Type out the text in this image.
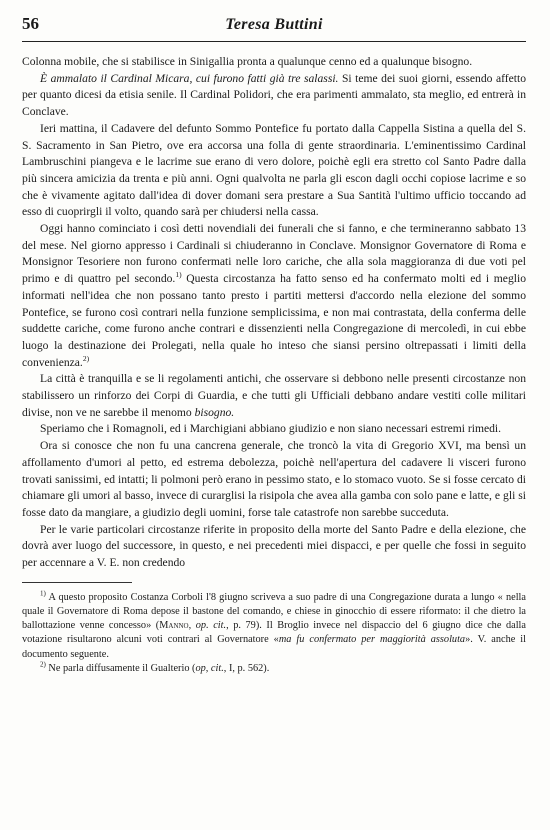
56	Teresa Buttini

Colonna mobile, che si stabilisce in Sinigallia pronta a qualunque cenno ed a qualunque bisogno.

È ammalato il Cardinal Micara, cui furono fatti già tre salassi. Si teme dei suoi giorni, essendo affetto per quanto dicesi da etisia senile. Il Cardinal Polidori, che era parimenti ammalato, sta meglio, ed entrerà in Conclave.

Ieri mattina, il Cadavere del defunto Sommo Pontefice fu portato dalla Cappella Sistina a quella del S. S. Sacramento in San Pietro, ove era accorsa una folla di gente straordinaria. L'eminentissimo Cardinal Lambruschini piangeva e le lacrime sue erano di vero dolore, poichè egli era stretto col Santo Padre dalla più sincera amicizia da trenta e più anni. Ogni qualvolta ne parla gli escon dagli occhi copiose lacrime e so che è vivamente agitato dall'idea di dover domani sera prestare a Sua Santità l'ultimo ufficio toccando ad esso di cuoprirgli il volto, quando sarà per chiudersi nella cassa.

Oggi hanno cominciato i così detti novendiali dei funerali che si fanno, e che termineranno sabbato 13 del mese. Nel giorno appresso i Cardinali si chiuderanno in Conclave. Monsignor Governatore di Roma e Monsignor Tesoriere non furono confermati nelle loro cariche, che alla sola maggioranza di due voti pel primo e di quattro pel secondo.$^{1)}$ Questa circostanza ha fatto senso ed ha confermato molti ed i meglio informati nell'idea che non possano tanto presto i partiti mettersi d'accordo nella elezione del sommo Pontefice, se furono così contrari nella funzione semplicissima, e non mai contrastata, della conferma delle suddette cariche, come furono anche contrari e dissenzienti nella Congregazione di mercoledì, in cui ebbe luogo la destinazione dei Prolegati, nella quale ho inteso che siansi persino oltrepassati i limiti della convenienza.$^{2)}$

La città è tranquilla e se li regolamenti antichi, che osservare si debbono nelle presenti circostanze non stabilissero un rinforzo dei Corpi di Guardia, e che tutti gli Ufficiali debbano andare vestiti colle militari divise, non ve ne sarebbe il menomo bisogno.

Speriamo che i Romagnoli, ed i Marchigiani abbiano giudizio e non siano necessari estremi rimedi.

Ora si conosce che non fu una cancrena generale, che troncò la vita di Gregorio XVI, ma bensì un affollamento d'umori al petto, ed estrema debolezza, poichè nell'apertura del cadavere li visceri furono trovati sanissimi, ed intatti; li polmoni però erano in pessimo stato, e lo stomaco vuoto. Se si fosse cercato di chiamare gli umori al basso, invece di curarglisi la risipola che avea alla gamba con solo pane e latte, e gli si fosse dato da mangiare, a giudizio degli uomini, forse tale catastrofe non sarebbe succeduta.

Per le varie particolari circostanze riferite in proposito della morte del Santo Padre e della elezione, che dovrà aver luogo del successore, in questo, e nei precedenti miei dispacci, e per quelle che fossi in seguito per accennare a V. E. non credendo

$^{1)}$ A questo proposito Costanza Corboli l'8 giugno scriveva a suo padre di una Congregazione durata a lungo « nella quale il Governatore di Roma depose il bastone del comando, e chiese in ginocchio di essere riformato: il che dietro la ballottazione venne concesso» (Manno, op. cit., p. 79). Il Broglio invece nel dispaccio del 6 giugno dice che dalla votazione risultarono alcuni voti contrari al Governatore «ma fu confermato per maggiorità assoluta». V. anche il documento seguente.

$^{2)}$ Ne parla diffusamente il Gualterio (op, cit., I, p. 562).
